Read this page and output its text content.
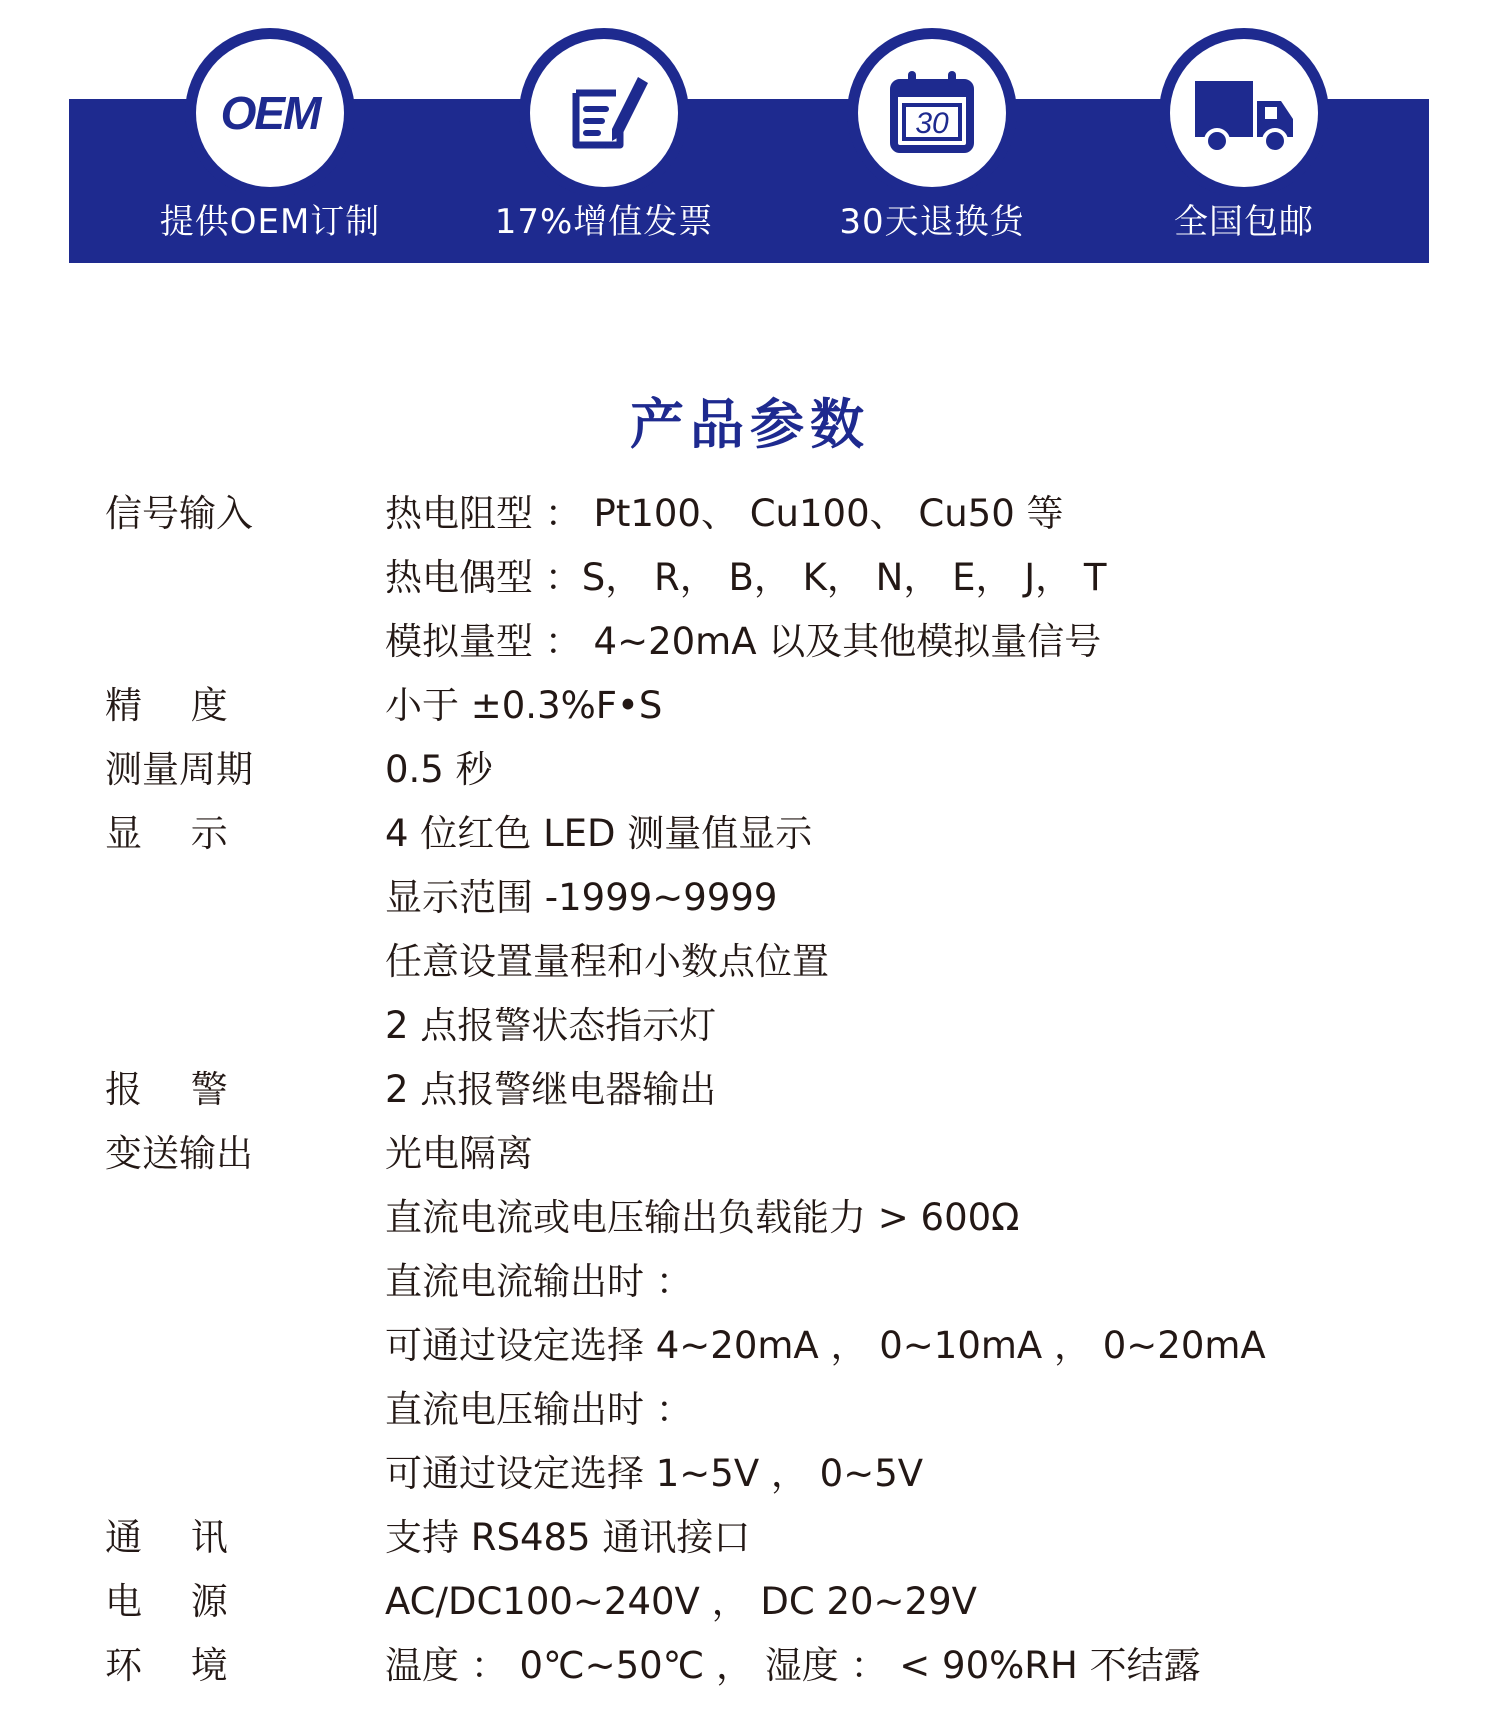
OEM
提供OEM订制	17%增值发票
30
30天退换货	全国包邮
产品参数
信号输入	热电阻型 ： Pt100、 Cu100、 Cu50 等
热电偶型 ：S， R， B， K， N， E， J， T
模拟量型 ： 4~20mA 以及其他模拟量信号
精　 度	小于 ±0.3%F•S
测量周期	0.5 秒
显　 示	4 位红色 LED 测量值显示
显示范围 -1999~9999
任意设置量程和小数点位置
2 点报警状态指示灯
报　 警	2 点报警继电器输出
变送输出	光电隔离
直流电流或电压输出负载能力 > 600Ω
直流电流输出时 ：
可通过设定选择 4~20mA ， 0~10mA ， 0~20mA
直流电压输出时 ：
可通过设定选择 1~5V ， 0~5V
通　 讯	支持 RS485 通讯接口
电　 源	AC/DC100~240V ， DC 20~29V
环　 境	温度 ： 0℃~50℃ ， 湿度 ： < 90%RH 不结露
